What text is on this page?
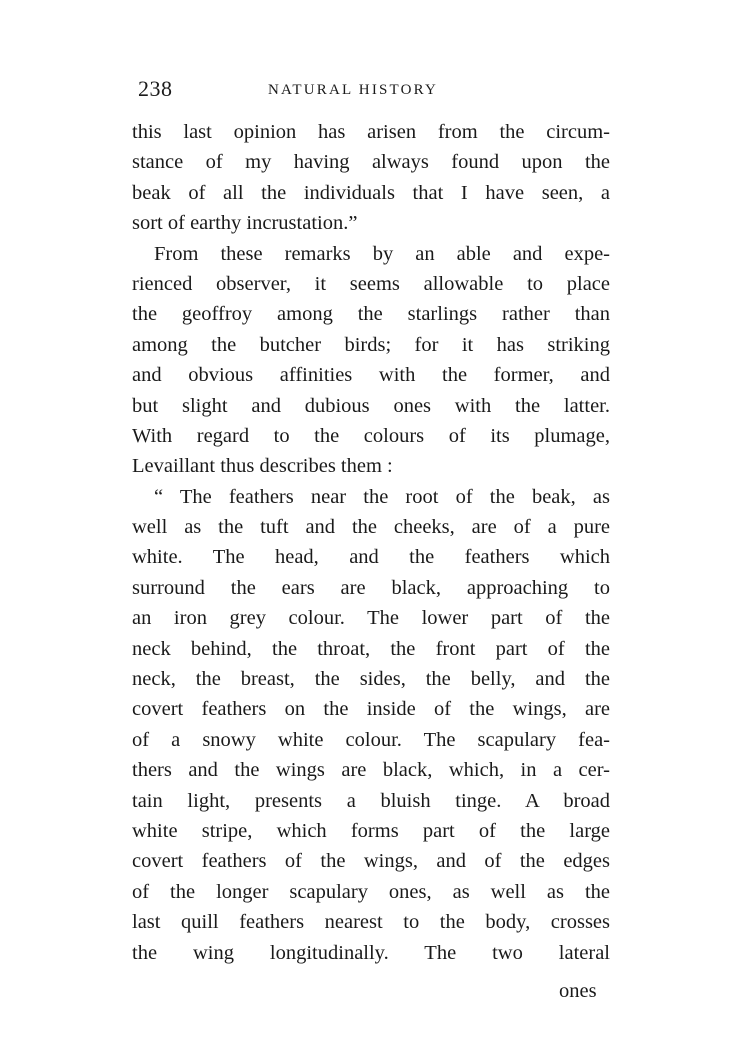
238	NATURAL HISTORY
this last opinion has arisen from the circum-
stance of my having always found upon the
beak of all the individuals that I have seen, a
sort of earthy incrustation.”
From these remarks by an able and expe-
rienced observer, it seems allowable to place
the geoffroy among the starlings rather than
among the butcher birds; for it has striking
and obvious affinities with the former, and
but slight and dubious ones with the latter.
With regard to the colours of its plumage,
Levaillant thus describes them :
“ The feathers near the root of the beak, as
well as the tuft and the cheeks, are of a pure
white. The head, and the feathers which
surround the ears are black, approaching to
an iron grey colour. The lower part of the
neck behind, the throat, the front part of the
neck, the breast, the sides, the belly, and the
covert feathers on the inside of the wings, are
of a snowy white colour. The scapulary fea-
thers and the wings are black, which, in a cer-
tain light, presents a bluish tinge. A broad
white stripe, which forms part of the large
covert feathers of the wings, and of the edges
of the longer scapulary ones, as well as the
last quill feathers nearest to the body, crosses
the wing longitudinally. The two lateral
ones
